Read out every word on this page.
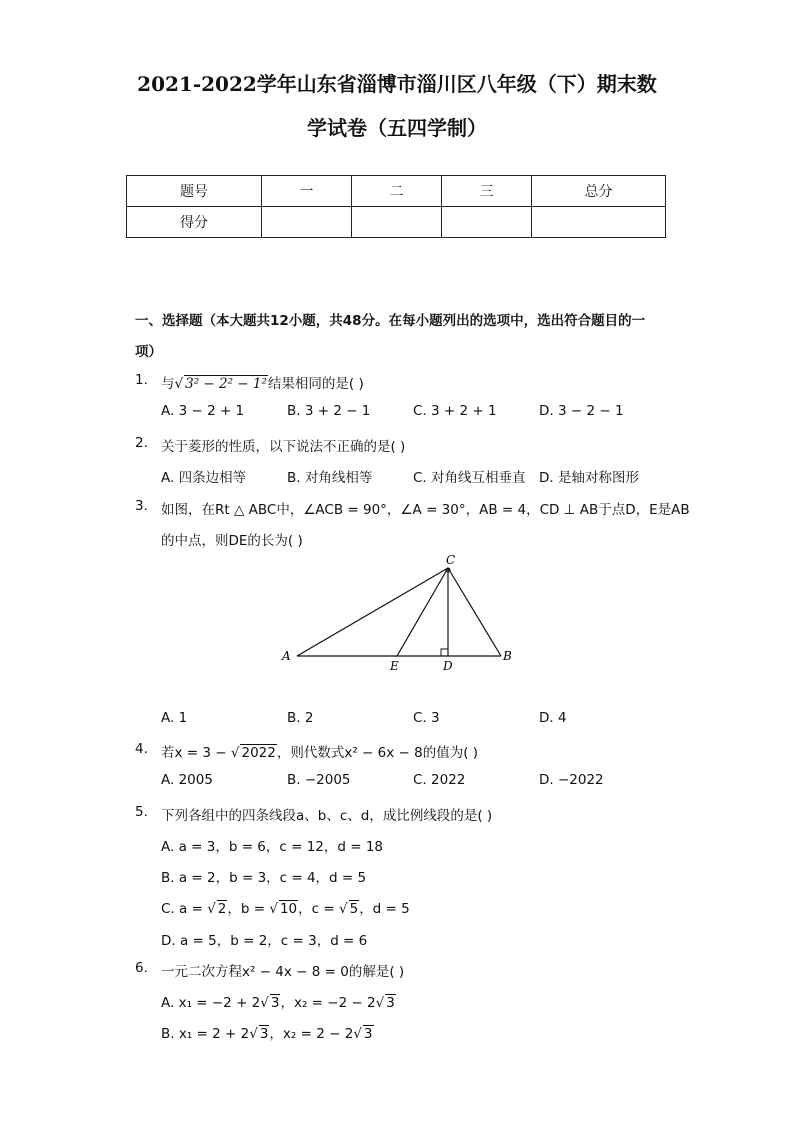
2021-2022学年山东省淄博市淄川区八年级（下）期末数
学试卷（五四学制）
题号	一	二	三	总分
得分				
一、选择题（本大题共12小题，共48分。在每小题列出的选项中，选出符合题目的一
项）
1. 与√ 3² − 2² − 1²结果相同的是( )
A. 3 − 2 + 1	B. 3 + 2 − 1	C. 3 + 2 + 1	D. 3 − 2 − 1
2. 关于菱形的性质，以下说法不正确的是( )
A. 四条边相等	B. 对角线相等	C. 对角线互相垂直 D. 是轴对称图形
3. 如图，在Rt △ ABC中，∠ACB = 90°，∠A = 30°，AB = 4，CD ⊥ AB于点D，E是AB
的中点，则DE的长为( )
A	B
C
D
E
A. 1	B. 2	C. 3	D. 4
4. 若x = 3 − √ 2022，则代数式x² − 6x − 8的值为( )
A. 2005	B. −2005	C. 2022	D. −2022
5. 下列各组中的四条线段a、b、c、d，成比例线段的是( )
A. a = 3，b = 6，c = 12，d = 18
B. a = 2，b = 3，c = 4，d = 5
C. a = √ 2，b = √ 10，c = √ 5，d = 5
D. a = 5，b = 2，c = 3，d = 6
6. 一元二次方程x² − 4x − 8 = 0的解是( )
A. x₁ = −2 + 2√ 3，x₂ = −2 − 2√ 3
B. x₁ = 2 + 2√ 3，x₂ = 2 − 2√ 3
